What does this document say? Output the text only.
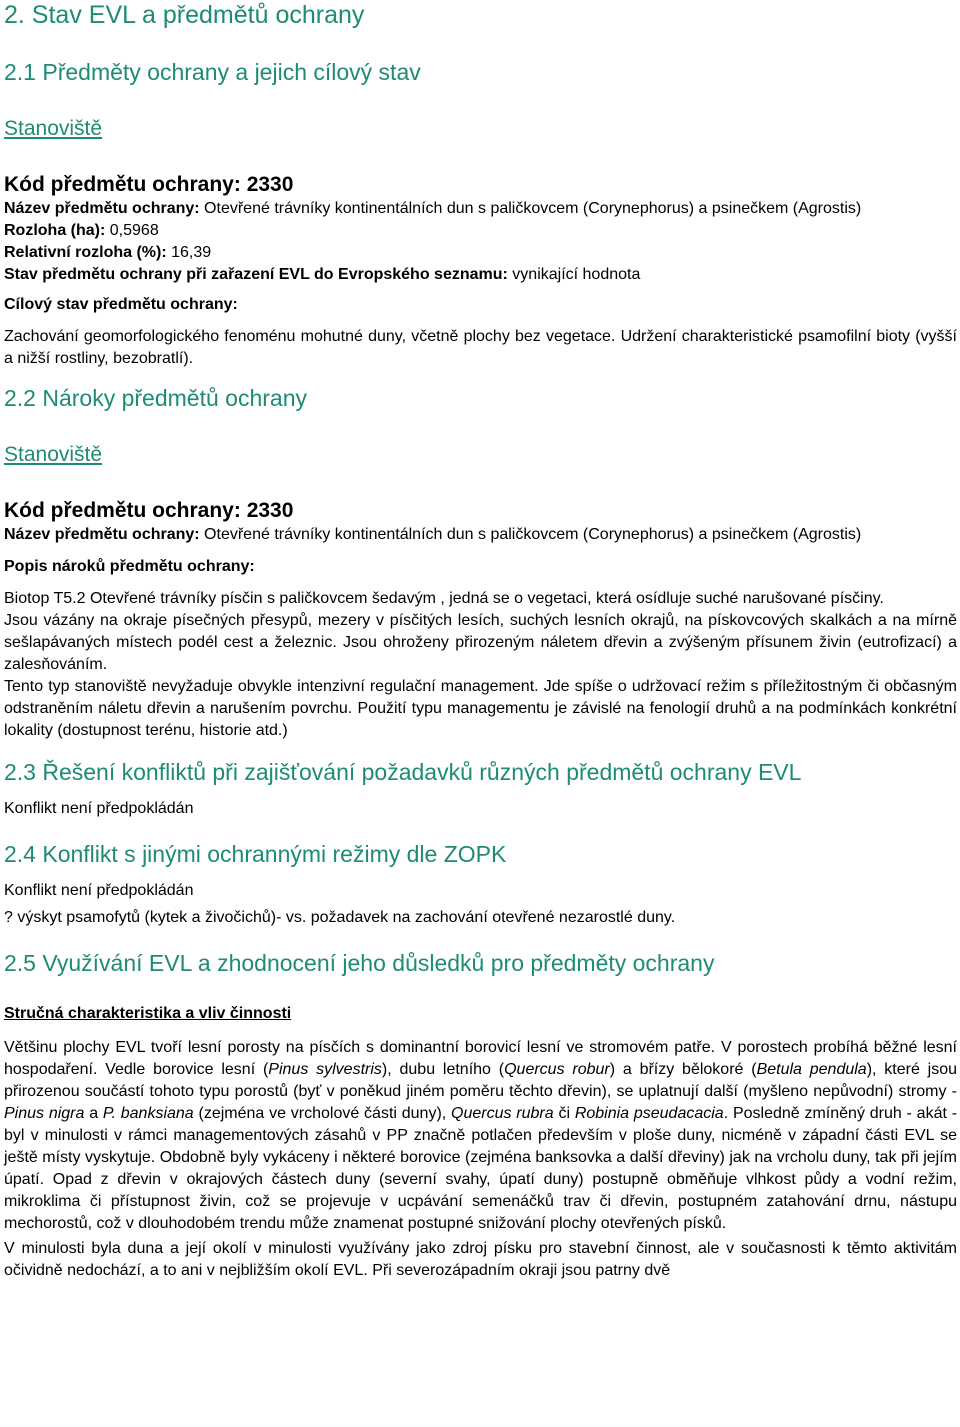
2. Stav EVL a předmětů ochrany
2.1 Předměty ochrany a jejich cílový stav
Stanoviště
Kód předmětu ochrany: 2330

Název předmětu ochrany: Otevřené trávníky kontinentálních dun s paličkovcem (Corynephorus) a psinečkem (Agrostis)

Rozloha (ha): 0,5968

Relativní rozloha (%): 16,39

Stav předmětu ochrany při zařazení EVL do Evropského seznamu: vynikající hodnota

Cílový stav předmětu ochrany:

Zachování geomorfologického fenoménu mohutné duny, včetně plochy bez vegetace. Udržení charakteristické psamofilní bioty (vyšší a nižší rostliny, bezobratlí).

2.2 Nároky předmětů ochrany
Stanoviště
Kód předmětu ochrany: 2330

Název předmětu ochrany: Otevřené trávníky kontinentálních dun s paličkovcem (Corynephorus) a psinečkem (Agrostis)

Popis nároků předmětu ochrany:

Biotop T5.2 Otevřené trávníky písčin s paličkovcem šedavým , jedná se o vegetaci, která osídluje suché narušované písčiny.

Jsou vázány na okraje písečných přesypů, mezery v písčitých lesích, suchých lesních okrajů, na pískovcových skalkách a na mírně sešlapávaných místech podél cest a železnic. Jsou ohroženy přirozeným náletem dřevin a zvýšeným přísunem živin (eutrofizací) a zalesňováním.

Tento typ stanoviště nevyžaduje obvykle intenzivní regulační management. Jde spíše o udržovací režim s příležitostným či občasným odstraněním náletu dřevin a narušením povrchu. Použití typu managementu je závislé na fenologií druhů a na podmínkách konkrétní lokality (dostupnost terénu, historie atd.)

2.3 Řešení konfliktů při zajišťování požadavků různých předmětů ochrany EVL

Konflikt není předpokládán

2.4 Konflikt s jinými ochrannými režimy dle ZOPK

Konflikt není předpokládán

? výskyt psamofytů (kytek a živočichů)- vs. požadavek na zachování otevřené nezarostlé duny.

2.5 Využívání EVL a zhodnocení jeho důsledků pro předměty ochrany

Stručná charakteristika a vliv činnosti

Většinu plochy EVL tvoří lesní porosty na písčích s dominantní borovicí lesní ve stromovém patře. V porostech probíhá běžné lesní hospodaření. Vedle borovice lesní (Pinus sylvestris), dubu letního (Quercus robur) a břízy bělokoré (Betula pendula), které jsou přirozenou součástí tohoto typu porostů (byť v poněkud jiném poměru těchto dřevin), se uplatnují další (myšleno nepůvodní) stromy - Pinus nigra a P. banksiana (zejména ve vrcholové části duny), Quercus rubra či Robinia pseudacacia. Posledně zmíněný druh - akát - byl v minulosti v rámci managementových zásahů v PP značně potlačen především v ploše duny, nicméně v západní části EVL se ještě místy vyskytuje. Obdobně byly vykáceny i některé borovice (zejména banksovka a další dřeviny) jak na vrcholu duny, tak při jejím úpatí. Opad z dřevin v okrajových částech duny (severní svahy, úpatí duny) postupně obměňuje vlhkost půdy a vodní režim, mikroklima či přístupnost živin, což se projevuje v ucpávání semenáčků trav či dřevin, postupném zatahování drnu, nástupu mechorostů, což v dlouhodobém trendu může znamenat postupné snižování plochy otevřených písků.

V minulosti byla duna a její okolí v minulosti využívány jako zdroj písku pro stavební činnost, ale v současnosti k těmto aktivitám očividně nedochází, a to ani v nejbližším okolí EVL. Při severozápadním okraji jsou patrny dvě
